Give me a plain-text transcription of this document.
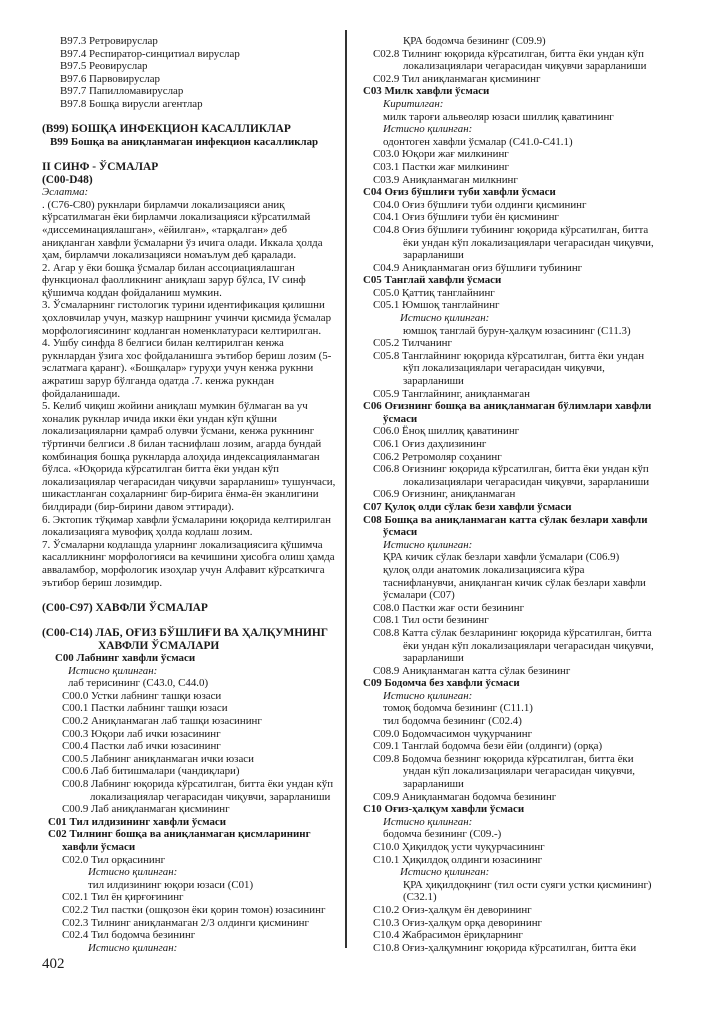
B97.3 Ретровируслар
B97.4 Респиратор-синцитиал вируслар
B97.5 Реовируслар
B97.6 Парвовируслар
B97.7 Папилломавируслар
B97.8 Бошқа вирусли агентлар
(B99) БОШҚА ИНФЕКЦИОН КАСАЛЛИКЛАР
B99 Бошқа ва аниқланмаган инфекцион касалликлар
II СИНФ - ЎСМАЛАР
(C00-D48)
Эслатма:
. (C76-C80) рукнлари бирламчи локализацияси аниқ
кўрсатилмаган ёки бирламчи локализацияси кўрсатилмай
«диссеминациялашган», «ёйилган», «тарқалган» деб
аниқланган хавфли ўсмаларни ўз ичига олади. Иккала ҳолда
ҳам, бирламчи локализацияси номаълум деб қаралади.
2. Агар у ёки бошқа ўсмалар билан ассоциациялашган
функционал фаолликнинг аниқлаш зарур бўлса, IV синф
қўшимча коддан фойдаланиш мумкин.
3. Ўсмаларнинг гистологик турини идентификация қилишни
ҳохловчилар учун, мазкур нашрнинг учинчи қисмида ўсмалар
морфологиясининг кодланган номенклатураси келтирилган.
4. Ушбу синфда 8 белгиси билан келтирилган кенжа
рукнлардан ўзига хос фойдаланишга эътибор бериш лозим (5-
эслатмага қаранг). «Бошқалар» гуруҳи учун кенжа рукнни
ажратиш зарур бўлганда одатда .7. кенжа рукндан
фойдаланишади.
5. Келиб чиқиш жойини аниқлаш мумкин бўлмаган ва уч
хоналик рукнлар ичида икки ёки ундан кўп қўшни
локализацияларни қамраб олувчи ўсмани, кенжа рукннинг
тўртинчи белгиси .8 билан таснифлаш лозим, агарда бундай
комбинация бошқа рукнларда алоҳида индексацияланмаган
бўлса. «Юқорида кўрсатилган битта ёки ундан кўп
локализациялар чегарасидан чиқувчи зарарланиш» тушунчаси,
шикастланган соҳаларнинг бир-бирига ёнма-ён эканлигини
билдиради (бир-бирини давом эттиради).
6. Эктопик тўқимар хавфли ўсмаларини юқорида келтирилган
локализацияга мувофиқ ҳолда кодлаш лозим.
7. Ўсмаларни кодлашда уларнинг локализациясига қўшимча
касалликнинг морфологияси ва кечишини ҳисобга олиш ҳамда
авваламбор, морфологик изоҳлар учун Алфавит кўрсаткичга
эътибор бериш лозимдир.
(C00-C97) ХАВФЛИ ЎСМАЛАР
(C00-C14) ЛАБ, ОҒИЗ БЎШЛИҒИ ВА ҲАЛҚУМНИНГ
ХАВФЛИ ЎСМАЛАРИ
C00 Лабнинг хавфли ўсмаси
Истисно қилинган:
лаб терисининг (C43.0, C44.0)
C00.0 Устки лабнинг ташқи юзаси
C00.1 Пастки лабнинг ташқи юзаси
C00.2 Аниқланмаган лаб ташқи юзасининг
C00.3 Юқори лаб ички юзасининг
C00.4 Пастки лаб ички юзасининг
C00.5 Лабнинг аниқланмаган ички юзаси
C00.6 Лаб битишмалари (чандиқлари)
C00.8 Лабнинг юқорида кўрсатилган, битта ёки ундан кўп
локализациялар чегарасидан чиқувчи, зарарланиши
C00.9 Лаб аниқланмаган қисмининг
C01 Тил илдизининг хавфли ўсмаси
C02 Тилнинг бошқа ва аниқланмаган қисмларининг
хавфли ўсмаси
C02.0 Тил орқасининг
Истисно қилинган:
тил илдизининг юқори юзаси (C01)
C02.1 Тил ён қирғоғининг
C02.2 Тил пастки (ошқозон ёки қорин томон) юзасининг
C02.3 Тилнинг аниқланмаган 2/3 олдинги қисмининг
C02.4 Тил бодомча безининг
Истисно қилинган:
ҚРА бодомча безининг (C09.9)
C02.8 Тилнинг юқорида кўрсатилган, битта ёки ундан кўп
локализациялари чегарасидан чиқувчи зарарланиши
C02.9 Тил аниқланмаган қисмининг
C03 Милк хавфли ўсмаси
Киритилган:
милк тароғи альвеоляр юзаси шиллиқ қаватининг
Истисно қилинган:
одонтоген хавфли ўсмалар (C41.0-C41.1)
C03.0 Юқори жағ милкининг
C03.1 Пастки жағ милкининг
C03.9 Аниқланмаган милкнинг
C04 Оғиз бўшлиғи туби хавфли ўсмаси
C04.0 Оғиз бўшлиғи туби олдинги қисмининг
C04.1 Оғиз бўшлиғи туби ён қисмининг
C04.8 Оғиз бўшлиғи тубининг юқорида кўрсатилган, битта
ёки ундан кўп локализациялари чегарасидан чиқувчи,
зарарланиши
C04.9 Аниқланмаган оғиз бўшлиғи тубининг
C05 Танглай хавфли ўсмаси
C05.0 Қаттиқ танглайнинг
C05.1 Юмшоқ танглайнинг
Истисно қилинган:
юмшоқ танглай бурун-ҳалқум юзасининг (C11.3)
C05.2 Тилчанинг
C05.8 Танглайнинг юқорида кўрсатилган, битта ёки ундан
кўп локализациялари чегарасидан чиқувчи,
зарарланиши
C05.9 Танглайнинг, аниқланмаган
C06 Оғизнинг бошқа ва аниқланмаган бўлимлари хавфли
ўсмаси
C06.0 Ёноқ шиллиқ қаватининг
C06.1 Оғиз даҳлизининг
C06.2 Ретромоляр соҳанинг
C06.8 Оғизнинг юқорида кўрсатилган, битта ёки ундан кўп
локализациялари чегарасидан чиқувчи, зарарланиши
C06.9 Оғизнинг, аниқланмаган
C07 Қулоқ олди сўлак бези хавфли ўсмаси
C08 Бошқа ва аниқланмаган катта сўлак безлари хавфли
ўсмаси
Истисно қилинган:
ҚРА кичик сўлак безлари хавфли ўсмалари (C06.9)
қулоқ олди анатомик локализациясига кўра
таснифланувчи, аниқланган кичик сўлак безлари хавфли
ўсмалари (C07)
C08.0 Пастки жағ ости безининг
C08.1 Тил ости безининг
C08.8 Катта сўлак безларининг юқорида кўрсатилган, битта
ёки ундан кўп локализациялари чегарасидан чиқувчи,
зарарланиши
C08.9 Аниқланмаган катта сўлак безининг
C09 Бодомча без хавфли ўсмаси
Истисно қилинган:
томоқ бодомча безининг (C11.1)
тил бодомча безининг (C02.4)
C09.0 Бодомчасимон чуқурчанинг
C09.1 Танглай бодомча бези ёйи (олдинги) (орқа)
C09.8 Бодомча безнинг юқорида кўрсатилган, битта ёки
ундан кўп локализациялари чегарасидан чиқувчи,
зарарланиши
C09.9 Аниқланмаган бодомча безининг
C10 Оғиз-ҳалқум хавфли ўсмаси
Истисно қилинган:
бодомча безининг (C09.-)
C10.0 Ҳиқилдоқ усти чуқурчасининг
C10.1 Ҳиқилдоқ олдинги юзасининг
Истисно қилинган:
ҚРА ҳиқилдоқнинг (тил ости суяги устки қисмининг)
(C32.1)
C10.2 Оғиз-ҳалқум ён деворининг
C10.3 Оғиз-ҳалқум орқа деворининг
C10.4 Жабрасимон ёриқларнинг
C10.8 Оғиз-ҳалқумнинг юқорида кўрсатилган, битта ёки
402
